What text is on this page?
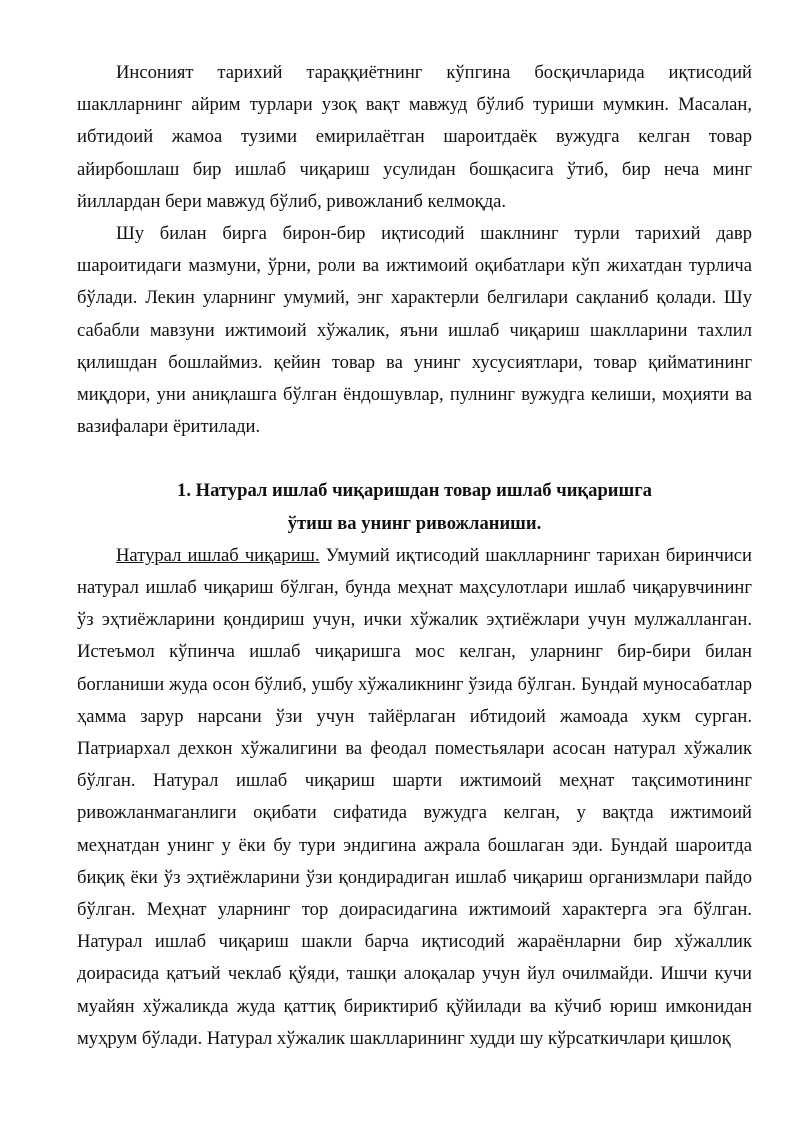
Инсоният тарихий тараққиётнинг кўпгина босқичларида иқтисодий шаклларнинг айрим турлари узоқ вақт мавжуд бўлиб туриши мумкин. Масалан, ибтидоий жамоа тузими емирилаётган шароитдаёк вужудга келган товар айирбошлаш бир ишлаб чиқариш усулидан бошқасига ўтиб, бир неча минг йиллардан бери мавжуд бўлиб, ривожланиб келмоқда.

Шу билан бирга бирон-бир иқтисодий шаклнинг турли тарихий давр шароитидаги мазмуни, ўрни, роли ва ижтимоий оқибатлари кўп жихатдан турлича бўлади. Лекин уларнинг умумий, энг характерли белгилари сақланиб қолади. Шу сабабли мавзуни ижтимоий хўжалик, яъни ишлаб чиқариш шаклларини тахлил қилишдан бошлаймиз. қейин товар ва унинг хусусиятлари, товар қийматининг миқдори, уни аниқлашга бўлган ёндошувлар, пулнинг вужудга келиши, моҳияти ва вазифалари ёритилади.

1. Натурал ишлаб чиқаришдан товар ишлаб чиқаришга

ўтиш ва унинг ривожланиши.

Натурал ишлаб чиқариш. Умумий иқтисодий шаклларнинг тарихан биринчиси натурал ишлаб чиқариш бўлган, бунда меҳнат маҳсулотлари ишлаб чиқарувчининг ўз эҳтиёжларини қондириш учун, ички хўжалик эҳтиёжлари учун мулжалланган. Истеъмол кўпинча ишлаб чиқаришга мос келган, уларнинг бир-бири билан богланиши жуда осон бўлиб, ушбу хўжаликнинг ўзида бўлган. Бундай муносабатлар ҳамма зарур нарсани ўзи учун тайёрлаган ибтидоий жамоада хукм сурган. Патриархал дехкон хўжалигини ва феодал поместьялари асосан натурал хўжалик бўлган. Натурал ишлаб чиқариш шарти ижтимоий меҳнат тақсимотининг ривожланмаганлиги оқибати сифатида вужудга келган, у вақтда ижтимоий меҳнатдан унинг у ёки бу тури эндигина ажрала бошлаган эди. Бундай шароитда биқиқ ёки ўз эҳтиёжларини ўзи қондирадиган ишлаб чиқариш организмлари пайдо бўлган. Меҳнат уларнинг тор доирасидагина ижтимоий характерга эга бўлган. Натурал ишлаб чиқариш шакли барча иқтисодий жараёнларни бир хўжаллик доирасида қатъий чеклаб қўяди, ташқи алоқалар учун йул очилмайди. Ишчи кучи муайян хўжаликда жуда қаттиқ бириктириб қўйилади ва кўчиб юриш имконидан муҳрум бўлади. Натурал хўжалик шаклларининг худди шу кўрсаткичлари қишлоқ
